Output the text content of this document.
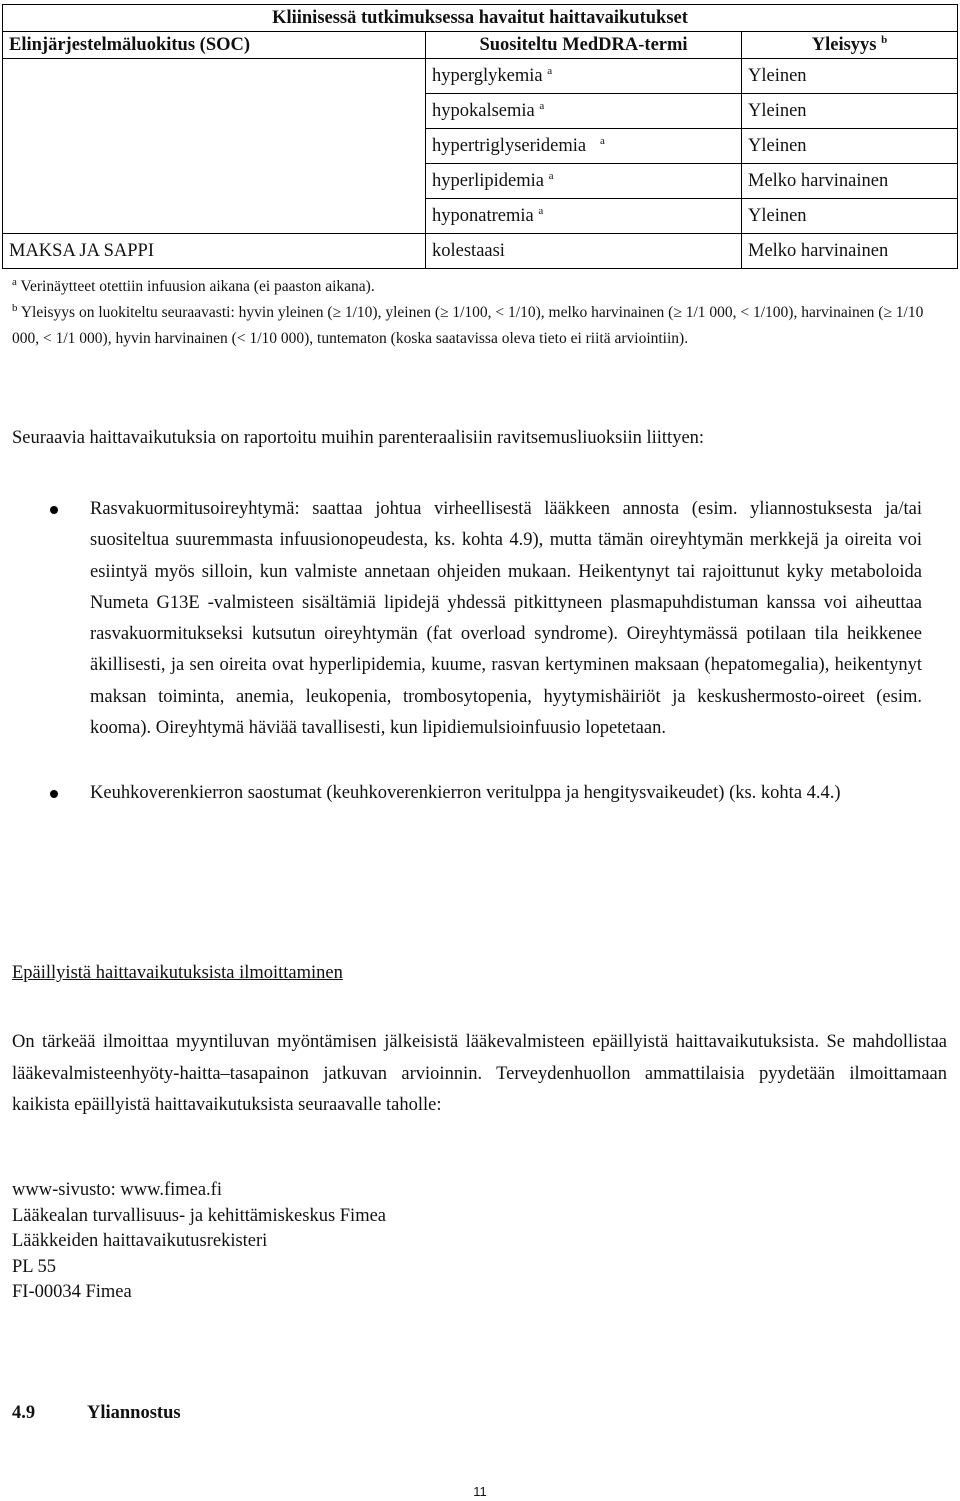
Kliinisessä tutkimuksessa havaitut haittavaikutukset		
Elinjärjestelmäluokitus (SOC)	Suositeltu MedDRA-termi	Yleisyys $^b$
	hyperglykemia $^a$	Yleinen
	hypokalsemia $^a$	Yleinen
	hypertriglyseridemia $^a$	Yleinen
	hyperlipidemia $^a$	Melko harvinainen
	hyponatremia $^a$	Yleinen
MAKSA JA SAPPI	kolestaasi	Melko harvinainen
$^a$ Verinäytteet otettiin infuusion aikana (ei paaston aikana).
$^b$ Yleisyys on luokiteltu seuraavasti: hyvin yleinen (≥ 1/10), yleinen (≥ 1/100, < 1/10), melko harvinainen (≥ 1/1 000, < 1/100), harvinainen (≥ 1/10 000, < 1/1 000), hyvin harvinainen (< 1/10 000), tuntematon (koska saatavissa oleva tieto ei riitä arviointiin).
Seuraavia haittavaikutuksia on raportoitu muihin parenteraalisiin ravitsemusliuoksiin liittyen:
Rasvakuormitusoireyhtymä: saattaa johtua virheellisestä lääkkeen annosta (esim. yliannostuksesta ja/tai suositeltua suuremmasta infuusionopeudesta, ks. kohta 4.9), mutta tämän oireyhtymän merkkejä ja oireita voi esiintyä myös silloin, kun valmiste annetaan ohjeiden mukaan. Heikentynyt tai rajoittunut kyky metaboloida Numeta G13E -valmisteen sisältämiä lipidejä yhdessä pitkittyneen plasmapuhdistuman kanssa voi aiheuttaa rasvakuormitukseksi kutsutun oireyhtymän (fat overload syndrome). Oireyhtymässä potilaan tila heikkenee äkillisesti, ja sen oireita ovat hyperlipidemia, kuume, rasvan kertyminen maksaan (hepatomegalia), heikentynyt maksan toiminta, anemia, leukopenia, trombosytopenia, hyytymishäiriöt ja keskushermosto-oireet (esim. kooma). Oireyhtymä häviää tavallisesti, kun lipidiemulsioinfuusio lopetetaan.
Keuhkoverenkierron saostumat (keuhkoverenkierron veritulppa ja hengitysvaikeudet) (ks. kohta 4.4.)
Epäillyistä haittavaikutuksista ilmoittaminen
On tärkeää ilmoittaa myyntiluvan myöntämisen jälkeisistä lääkevalmisteen epäillyistä haittavaikutuksista. Se mahdollistaa lääkevalmisteenhyöty-haitta–tasapainon jatkuvan arvioinnin. Terveydenhuollon ammattilaisia pyydetään ilmoittamaan kaikista epäillyistä haittavaikutuksista seuraavalle taholle:
www-sivusto: www.fimea.fi
Lääkealan turvallisuus- ja kehittämiskeskus Fimea
Lääkkeiden haittavaikutusrekisteri
PL 55
FI-00034 Fimea
4.9	Yliannostus
11
